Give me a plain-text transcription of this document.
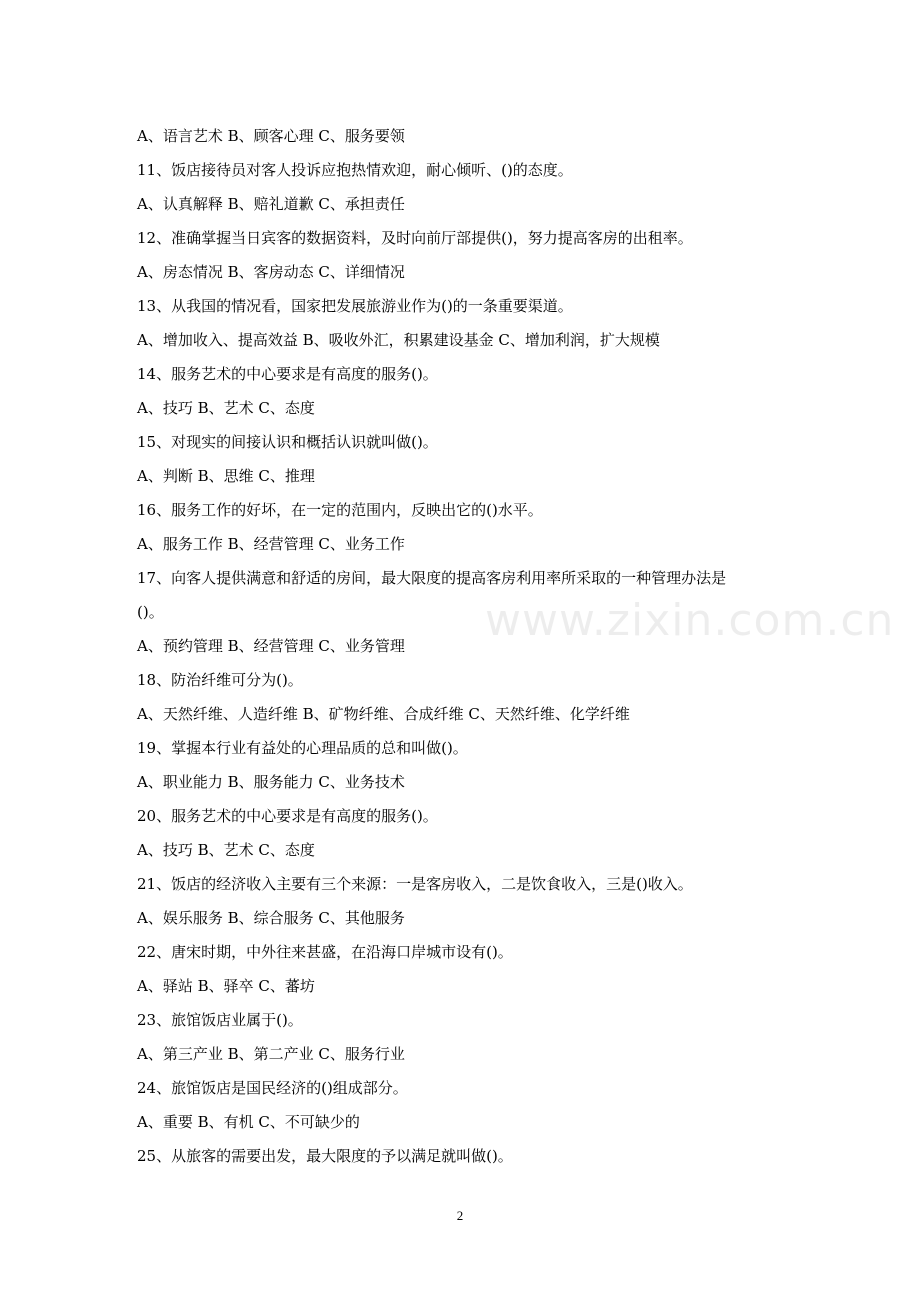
A、语言艺术 B、顾客心理 C、服务要领
11、饭店接待员对客人投诉应抱热情欢迎，耐心倾听、()的态度。
A、认真解释 B、赔礼道歉 C、承担责任
12、准确掌握当日宾客的数据资料，及时向前厅部提供()，努力提高客房的出租率。
A、房态情况 B、客房动态 C、详细情况
13、从我国的情况看，国家把发展旅游业作为()的一条重要渠道。
A、增加收入、提高效益 B、吸收外汇，积累建设基金 C、增加利润，扩大规模
14、服务艺术的中心要求是有高度的服务()。
A、技巧 B、艺术 C、态度
15、对现实的间接认识和概括认识就叫做()。
A、判断 B、思维 C、推理
16、服务工作的好坏，在一定的范围内，反映出它的()水平。
A、服务工作 B、经营管理 C、业务工作
17、向客人提供满意和舒适的房间，最大限度的提高客房利用率所采取的一种管理办法是
()。
A、预约管理 B、经营管理 C、业务管理
18、防治纤维可分为()。
A、天然纤维、人造纤维 B、矿物纤维、合成纤维 C、天然纤维、化学纤维
19、掌握本行业有益处的心理品质的总和叫做()。
A、职业能力 B、服务能力 C、业务技术
20、服务艺术的中心要求是有高度的服务()。
A、技巧 B、艺术 C、态度
21、饭店的经济收入主要有三个来源：一是客房收入，二是饮食收入，三是()收入。
A、娱乐服务 B、综合服务 C、其他服务
22、唐宋时期，中外往来甚盛，在沿海口岸城市设有()。
A、驿站 B、驿卒 C、蕃坊
23、旅馆饭店业属于()。
A、第三产业 B、第二产业 C、服务行业
24、旅馆饭店是国民经济的()组成部分。
A、重要 B、有机 C、不可缺少的
25、从旅客的需要出发，最大限度的予以满足就叫做()。
www.zixin.com.cn
2
